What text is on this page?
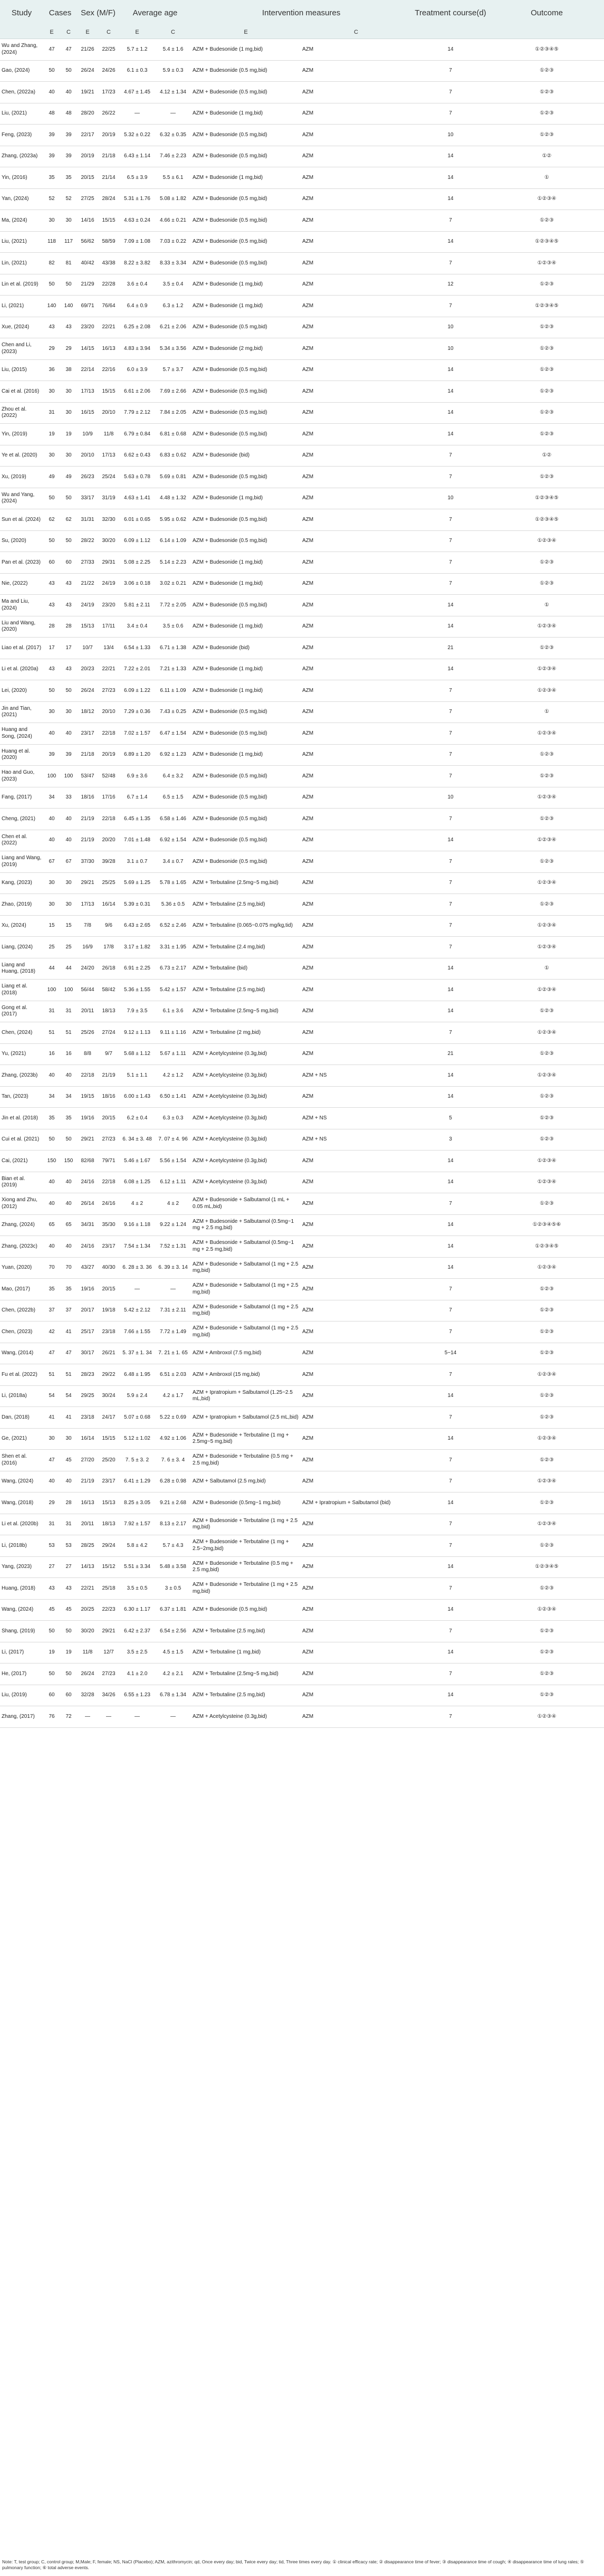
Study	Cases		Sex (M/F)		Average age		Intervention measures		Treatment course(d)	Outcome
	E	C	E	C	E	C	E	C		
Wu and Zhang, (2024)	47	47	21/26	22/25	5.7 ± 1.2	5.4 ± 1.6	AZM + Budesonide (1 mg,bid)	AZM	14	①②③④⑤
Gao, (2024)	50	50	26/24	24/26	6.1 ± 0.3	5.9 ± 0.3	AZM + Budesonide (0.5 mg,bid)	AZM	7	①②③
Chen, (2022a)	40	40	19/21	17/23	4.67 ± 1.45	4.12 ± 1.34	AZM + Budesonide (0.5 mg,bid)	AZM	7	①②③
Liu, (2021)	48	48	28/20	26/22	—	—	AZM + Budesonide (1 mg,bid)	AZM	7	①②③
Feng, (2023)	39	39	22/17	20/19	5.32 ± 0.22	6.32 ± 0.35	AZM + Budesonide (0.5 mg,bid)	AZM	10	①②③
Zhang, (2023a)	39	39	20/19	21/18	6.43 ± 1.14	7.46 ± 2.23	AZM + Budesonide (0.5 mg,bid)	AZM	14	①②
Yin, (2016)	35	35	20/15	21/14	6.5 ± 3.9	5.5 ± 6.1	AZM + Budesonide (1 mg,bid)	AZM	14	①
Yan, (2024)	52	52	27/25	28/24	5.31 ± 1.76	5.08 ± 1.82	AZM + Budesonide (0.5 mg,bid)	AZM	14	①②③④
Ma, (2024)	30	30	14/16	15/15	4.63 ± 0.24	4.66 ± 0.21	AZM + Budesonide (0.5 mg,bid)	AZM	7	①②③
Liu, (2021)	118	117	56/62	58/59	7.09 ± 1.08	7.03 ± 0.22	AZM + Budesonide (0.5 mg,bid)	AZM	14	①②③④⑤
Lin, (2021)	82	81	40/42	43/38	8.22 ± 3.82	8.33 ± 3.34	AZM + Budesonide (0.5 mg,bid)	AZM	7	①②③④
Lin et al. (2019)	50	50	21/29	22/28	3.6 ± 0.4	3.5 ± 0.4	AZM + Budesonide (1 mg,bid)	AZM	12	①②③
Li, (2021)	140	140	69/71	76/64	6.4 ± 0.9	6.3 ± 1.2	AZM + Budesonide (1 mg,bid)	AZM	7	①②③④⑤
Xue, (2024)	43	43	23/20	22/21	6.25 ± 2.08	6.21 ± 2.06	AZM + Budesonide (0.5 mg,bid)	AZM	10	①②③
Chen and Li, (2023)	29	29	14/15	16/13	4.83 ± 3.94	5.34 ± 3.56	AZM + Budesonide (2 mg,bid)	AZM	10	①②③
Liu, (2015)	36	38	22/14	22/16	6.0 ± 3.9	5.7 ± 3.7	AZM + Budesonide (0.5 mg,bid)	AZM	14	①②③
Cai et al. (2016)	30	30	17/13	15/15	6.61 ± 2.06	7.69 ± 2.66	AZM + Budesonide (0.5 mg,bid)	AZM	14	①②③
Zhou et al. (2022)	31	30	16/15	20/10	7.79 ± 2.12	7.84 ± 2.05	AZM + Budesonide (0.5 mg,bid)	AZM	14	①②③
Yin, (2019)	19	19	10/9	11/8	6.79 ± 0.84	6.81 ± 0.68	AZM + Budesonide (0.5 mg,bid)	AZM	14	①②③
Ye et al. (2020)	30	30	20/10	17/13	6.62 ± 0.43	6.83 ± 0.62	AZM + Budesonide (bid)	AZM	7	①②
Xu, (2019)	49	49	26/23	25/24	5.63 ± 0.78	5.69 ± 0.81	AZM + Budesonide (0.5 mg,bid)	AZM	7	①②③
Wu and Yang, (2024)	50	50	33/17	31/19	4.63 ± 1.41	4.48 ± 1.32	AZM + Budesonide (1 mg,bid)	AZM	10	①②③④⑤
Sun et al. (2024)	62	62	31/31	32/30	6.01 ± 0.65	5.95 ± 0.62	AZM + Budesonide (0.5 mg,bid)	AZM	7	①②③④⑤
Su, (2020)	50	50	28/22	30/20	6.09 ± 1.12	6.14 ± 1.09	AZM + Budesonide (0.5 mg,bid)	AZM	7	①②③④
Pan et al. (2023)	60	60	27/33	29/31	5.08 ± 2.25	5.14 ± 2.23	AZM + Budesonide (1 mg,bid)	AZM	7	①②③
Nie, (2022)	43	43	21/22	24/19	3.06 ± 0.18	3.02 ± 0.21	AZM + Budesonide (1 mg,bid)	AZM	7	①②③
Ma and Liu, (2024)	43	43	24/19	23/20	5.81 ± 2.11	7.72 ± 2.05	AZM + Budesonide (0.5 mg,bid)	AZM	14	①
Liu and Wang, (2020)	28	28	15/13	17/11	3.4 ± 0.4	3.5 ± 0.6	AZM + Budesonide (1 mg,bid)	AZM	14	①②③④
Liao et al. (2017)	17	17	10/7	13/4	6.54 ± 1.33	6.71 ± 1.38	AZM + Budesonide (bid)	AZM	21	①②③
Li et al. (2020a)	43	43	20/23	22/21	7.22 ± 2.01	7.21 ± 1.33	AZM + Budesonide (1 mg,bid)	AZM	14	①②③④
Lei, (2020)	50	50	26/24	27/23	6.09 ± 1.22	6.11 ± 1.09	AZM + Budesonide (1 mg,bid)	AZM	7	①②③④
Jin and Tian, (2021)	30	30	18/12	20/10	7.29 ± 0.36	7.43 ± 0.25	AZM + Budesonide (0.5 mg,bid)	AZM	7	①
Huang and Song, (2024)	40	40	23/17	22/18	7.02 ± 1.57	6.47 ± 1.54	AZM + Budesonide (0.5 mg,bid)	AZM	7	①②③④
Huang et al. (2020)	39	39	21/18	20/19	6.89 ± 1.20	6.92 ± 1.23	AZM + Budesonide (1 mg,bid)	AZM	7	①②③
Hao and Guo, (2023)	100	100	53/47	52/48	6.9 ± 3.6	6.4 ± 3.2	AZM + Budesonide (0.5 mg,bid)	AZM	7	①②③
Fang, (2017)	34	33	18/16	17/16	6.7 ± 1.4	6.5 ± 1.5	AZM + Budesonide (0.5 mg,bid)	AZM	10	①②③④
Cheng, (2021)	40	40	21/19	22/18	6.45 ± 1.35	6.58 ± 1.46	AZM + Budesonide (0.5 mg,bid)	AZM	7	①②③
Chen et al. (2022)	40	40	21/19	20/20	7.01 ± 1.48	6.92 ± 1.54	AZM + Budesonide (0.5 mg,bid)	AZM	14	①②③④
Liang and Wang, (2019)	67	67	37/30	39/28	3.1 ± 0.7	3.4 ± 0.7	AZM + Budesonide (0.5 mg,bid)	AZM	7	①②③
Kang, (2023)	30	30	29/21	25/25	5.69 ± 1.25	5.78 ± 1.65	AZM + Terbutaline (2.5mg~5 mg,bid)	AZM	7	①②③④
Zhao, (2019)	30	30	17/13	16/14	5.39 ± 0.31	5.36 ± 0.5	AZM + Terbutaline (2.5 mg,bid)	AZM	7	①②③
Xu, (2024)	15	15	7/8	9/6	6.43 ± 2.65	6.52 ± 2.46	AZM + Terbutaline (0.065~0.075 mg/kg,tid)	AZM	7	①②③④
Liang, (2024)	25	25	16/9	17/8	3.17 ± 1.82	3.31 ± 1.95	AZM + Terbutaline (2.4 mg,bid)	AZM	7	①②③④
Liang and Huang, (2018)	44	44	24/20	26/18	6.91 ± 2.25	6.73 ± 2.17	AZM + Terbutaline (bid)	AZM	14	①
Liang et al. (2018)	100	100	56/44	58/42	5.36 ± 1.55	5.42 ± 1.57	AZM + Terbutaline (2.5 mg,bid)	AZM	14	①②③④
Gong et al. (2017)	31	31	20/11	18/13	7.9 ± 3.5	6.1 ± 3.6	AZM + Terbutaline (2.5mg~5 mg,bid)	AZM	14	①②③
Chen, (2024)	51	51	25/26	27/24	9.12 ± 1.13	9.11 ± 1.16	AZM + Terbutaline (2 mg,bid)	AZM	7	①②③④
Yu, (2021)	16	16	8/8	9/7	5.68 ± 1.12	5.67 ± 1.11	AZM + Acetylcysteine (0.3g,bid)	AZM	21	①②③
Zhang, (2023b)	40	40	22/18	21/19	5.1 ± 1.1	4.2 ± 1.2	AZM + Acetylcysteine (0.3g,bid)	AZM + NS	14	①②③④
Tan, (2023)	34	34	19/15	18/16	6.00 ± 1.43	6.50 ± 1.41	AZM + Acetylcysteine (0.3g,bid)	AZM	14	①②③
Jin et al. (2018)	35	35	19/16	20/15	6.2 ± 0.4	6.3 ± 0.3	AZM + Acetylcysteine (0.3g,bid)	AZM + NS	5	①②③
Cui et al. (2021)	50	50	29/21	27/23	6. 34 ± 3. 48	7. 07 ± 4. 96	AZM + Acetylcysteine (0.3g,bid)	AZM + NS	3	①②③
Cai, (2021)	150	150	82/68	79/71	5.46 ± 1.67	5.56 ± 1.54	AZM + Acetylcysteine (0.3g,bid)	AZM	14	①②③④
Bian et al. (2019)	40	40	24/16	22/18	6.08 ± 1.25	6.12 ± 1.11	AZM + Acetylcysteine (0.3g,bid)	AZM	14	①②③④
Xiong and Zhu, (2012)	40	40	26/14	24/16	4 ± 2	4 ± 2	AZM + Budesonide + Salbutamol (1 mL + 0.05 mL,bid)	AZM	7	①②③
Zhang, (2024)	65	65	34/31	35/30	9.16 ± 1.18	9.22 ± 1.24	AZM + Budesonide + Salbutamol (0.5mg~1 mg + 2.5 mg,bid)	AZM	14	①②③④⑤⑥
Zhang, (2023c)	40	40	24/16	23/17	7.54 ± 1.34	7.52 ± 1.31	AZM + Budesonide + Salbutamol (0.5mg~1 mg + 2.5 mg,bid)	AZM	14	①②③④⑤
Yuan, (2020)	70	70	43/27	40/30	6. 28 ± 3. 36	6. 39 ± 3. 14	AZM + Budesonide + Salbutamol (1 mg + 2.5 mg,bid)	AZM	14	①②③④
Mao, (2017)	35	35	19/16	20/15	—	—	AZM + Budesonide + Salbutamol (1 mg + 2.5 mg,bid)	AZM	7	①②③
Chen, (2022b)	37	37	20/17	19/18	5.42 ± 2.12	7.31 ± 2.11	AZM + Budesonide + Salbutamol (1 mg + 2.5 mg,bid)	AZM	7	①②③
Chen, (2023)	42	41	25/17	23/18	7.66 ± 1.55	7.72 ± 1.49	AZM + Budesonide + Salbutamol (1 mg + 2.5 mg,bid)	AZM	7	①②③
Wang, (2014)	47	47	30/17	26/21	5. 37 ± 1. 34	7. 21 ± 1. 65	AZM + Ambroxol (7.5 mg,bid)	AZM	5~14	①②③
Fu et al. (2022)	51	51	28/23	29/22	6.48 ± 1.95	6.51 ± 2.03	AZM + Ambroxol (15 mg,bid)	AZM	7	①②③④
Li, (2018a)	54	54	29/25	30/24	5.9 ± 2.4	4.2 ± 1.7	AZM + Ipratropium + Salbutamol (1.25~2.5 mL,bid)	AZM	14	①②③
Dan, (2018)	41	41	23/18	24/17	5.07 ± 0.68	5.22 ± 0.69	AZM + Ipratropium + Salbutamol (2.5 mL,bid)	AZM	7	①②③
Ge, (2021)	30	30	16/14	15/15	5.12 ± 1.02	4.92 ± 1.06	AZM + Budesonide + Terbutaline (1 mg + 2.5mg~5 mg,bid)	AZM	14	①②③④
Shen et al. (2016)	47	45	27/20	25/20	7. 5 ± 3. 2	7. 6 ± 3. 4	AZM + Budesonide + Terbutaline (0.5 mg + 2.5 mg,bid)	AZM	7	①②③
Wang, (2024)	40	40	21/19	23/17	6.41 ± 1.29	6.28 ± 0.98	AZM + Salbutamol (2.5 mg,bid)	AZM	7	①②③④
Wang, (2018)	29	28	16/13	15/13	8.25 ± 3.05	9.21 ± 2.68	AZM + Budesonide (0.5mg~1 mg,bid)	AZM + Ipratropium + Salbutamol (bid)	14	①②③
Li et al. (2020b)	31	31	20/11	18/13	7.92 ± 1.57	8.13 ± 2.17	AZM + Budesonide + Terbutaline (1 mg + 2.5 mg,bid)	AZM	7	①②③④
Li, (2018b)	53	53	28/25	29/24	5.8 ± 4.2	5.7 ± 4.3	AZM + Budesonide + Terbutaline (1 mg + 2.5~2mg,bid)	AZM	7	①②③
Yang, (2023)	27	27	14/13	15/12	5.51 ± 3.34	5.48 ± 3.58	AZM + Budesonide + Terbutaline (0.5 mg + 2.5 mg,bid)	AZM	14	①②③④⑤
Huang, (2018)	43	43	22/21	25/18	3.5 ± 0.5	3 ± 0.5	AZM + Budesonide + Terbutaline (1 mg + 2.5 mg,bid)	AZM	7	①②③
Wang, (2024)	45	45	20/25	22/23	6.30 ± 1.17	6.37 ± 1.81	AZM + Budesonide (0.5 mg,bid)	AZM	14	①②③④
Shang, (2019)	50	50	30/20	29/21	6.42 ± 2.37	6.54 ± 2.56	AZM + Terbutaline (2.5 mg,bid)	AZM	7	①②③
Li, (2017)	19	19	11/8	12/7	3.5 ± 2.5	4.5 ± 1.5	AZM + Terbutaline (1 mg,bid)	AZM	14	①②③
He, (2017)	50	50	26/24	27/23	4.1 ± 2.0	4.2 ± 2.1	AZM + Terbutaline (2.5mg~5 mg,bid)	AZM	7	①②③
Liu, (2019)	60	60	32/28	34/26	6.55 ± 1.23	6.78 ± 1.34	AZM + Terbutaline (2.5 mg,bid)	AZM	14	①②③
Zhang, (2017)	76	72	—	—	—	—	AZM + Acetylcysteine (0.3g,bid)	AZM	7	①②③④
Note: T, test group; C, control group; M,Male; F, female; NS, NaCl (Placebo); AZM, azithromycin; qd, Once every day; bid, Twice every day; tid, Three times every day. ① clinical efficacy rate; ② disappearance time of fever; ③ disappearance time of cough; ④ disappearance time of lung rales; ⑤ pulmonary function; ⑥ total adverse events.
